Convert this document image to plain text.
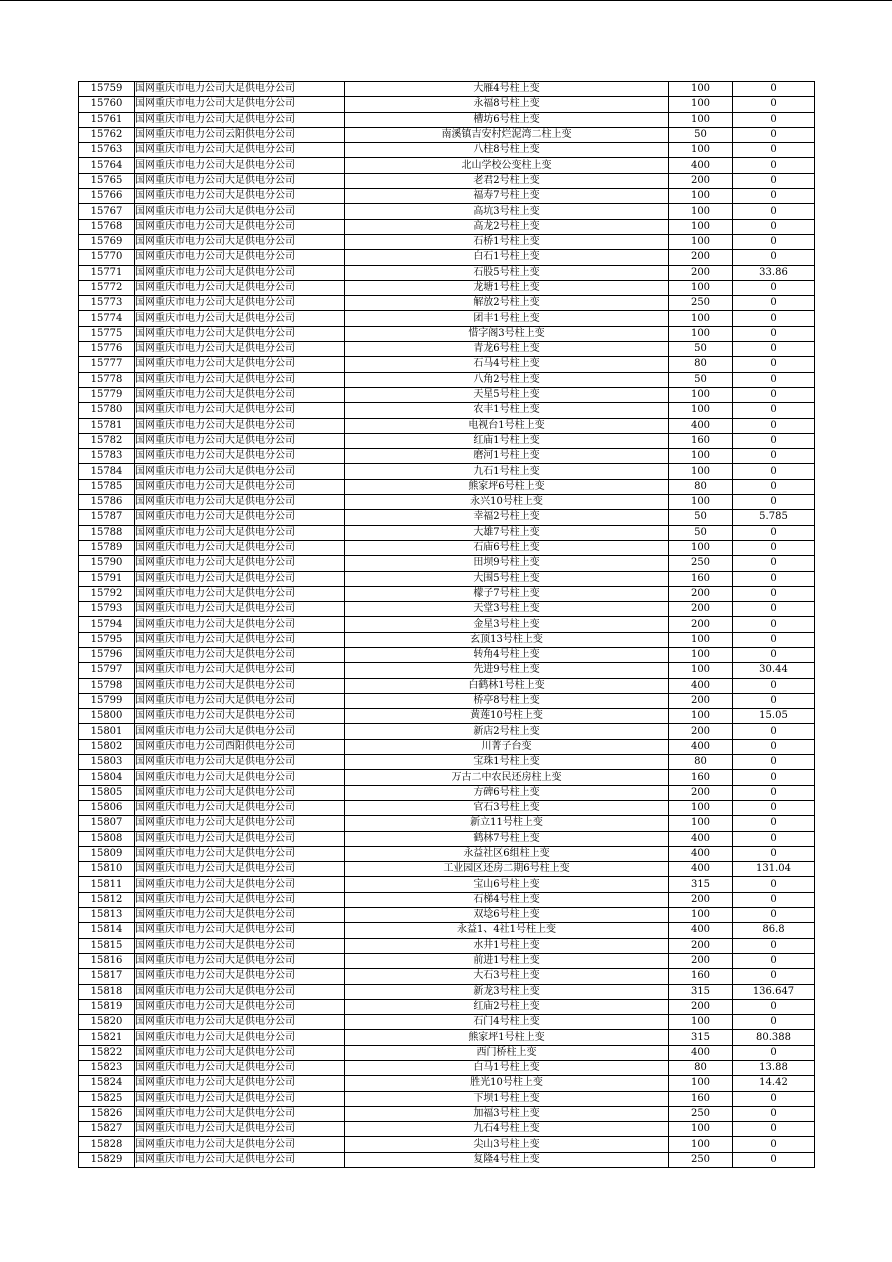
15759	国网重庆市电力公司大足供电分公司	大雁4号柱上变	100	0
15760	国网重庆市电力公司大足供电分公司	永福8号柱上变	100	0
15761	国网重庆市电力公司大足供电分公司	槽坊6号柱上变	100	0
15762	国网重庆市电力公司云阳供电分公司	南溪镇吉安村烂泥湾二柱上变	50	0
15763	国网重庆市电力公司大足供电分公司	八柱8号柱上变	100	0
15764	国网重庆市电力公司大足供电分公司	北山学校公变柱上变	400	0
15765	国网重庆市电力公司大足供电分公司	老君2号柱上变	200	0
15766	国网重庆市电力公司大足供电分公司	福寿7号柱上变	100	0
15767	国网重庆市电力公司大足供电分公司	高坑3号柱上变	100	0
15768	国网重庆市电力公司大足供电分公司	高龙2号柱上变	100	0
15769	国网重庆市电力公司大足供电分公司	石桥1号柱上变	100	0
15770	国网重庆市电力公司大足供电分公司	白石1号柱上变	200	0
15771	国网重庆市电力公司大足供电分公司	石股5号柱上变	200	33.86
15772	国网重庆市电力公司大足供电分公司	龙塘1号柱上变	100	0
15773	国网重庆市电力公司大足供电分公司	解放2号柱上变	250	0
15774	国网重庆市电力公司大足供电分公司	团丰1号柱上变	100	0
15775	国网重庆市电力公司大足供电分公司	惜字阁3号柱上变	100	0
15776	国网重庆市电力公司大足供电分公司	青龙6号柱上变	50	0
15777	国网重庆市电力公司大足供电分公司	石马4号柱上变	80	0
15778	国网重庆市电力公司大足供电分公司	八角2号柱上变	50	0
15779	国网重庆市电力公司大足供电分公司	天星5号柱上变	100	0
15780	国网重庆市电力公司大足供电分公司	农丰1号柱上变	100	0
15781	国网重庆市电力公司大足供电分公司	电视台1号柱上变	400	0
15782	国网重庆市电力公司大足供电分公司	红庙1号柱上变	160	0
15783	国网重庆市电力公司大足供电分公司	磨河1号柱上变	100	0
15784	国网重庆市电力公司大足供电分公司	九石1号柱上变	100	0
15785	国网重庆市电力公司大足供电分公司	熊家坪6号柱上变	80	0
15786	国网重庆市电力公司大足供电分公司	永兴10号柱上变	100	0
15787	国网重庆市电力公司大足供电分公司	幸福2号柱上变	50	5.785
15788	国网重庆市电力公司大足供电分公司	大雄7号柱上变	50	0
15789	国网重庆市电力公司大足供电分公司	石庙6号柱上变	100	0
15790	国网重庆市电力公司大足供电分公司	田坝9号柱上变	250	0
15791	国网重庆市电力公司大足供电分公司	大围5号柱上变	160	0
15792	国网重庆市电力公司大足供电分公司	檬子7号柱上变	200	0
15793	国网重庆市电力公司大足供电分公司	天堂3号柱上变	200	0
15794	国网重庆市电力公司大足供电分公司	金星3号柱上变	200	0
15795	国网重庆市电力公司大足供电分公司	玄顶13号柱上变	100	0
15796	国网重庆市电力公司大足供电分公司	转角4号柱上变	100	0
15797	国网重庆市电力公司大足供电分公司	先进9号柱上变	100	30.44
15798	国网重庆市电力公司大足供电分公司	白鹤林1号柱上变	400	0
15799	国网重庆市电力公司大足供电分公司	桥亭8号柱上变	200	0
15800	国网重庆市电力公司大足供电分公司	黄莲10号柱上变	100	15.05
15801	国网重庆市电力公司大足供电分公司	新店2号柱上变	200	0
15802	国网重庆市电力公司酉阳供电分公司	川菁子台变	400	0
15803	国网重庆市电力公司大足供电分公司	宝珠1号柱上变	80	0
15804	国网重庆市电力公司大足供电分公司	万古二中农民还房柱上变	160	0
15805	国网重庆市电力公司大足供电分公司	方碑6号柱上变	200	0
15806	国网重庆市电力公司大足供电分公司	官石3号柱上变	100	0
15807	国网重庆市电力公司大足供电分公司	新立11号柱上变	100	0
15808	国网重庆市电力公司大足供电分公司	鹤林7号柱上变	400	0
15809	国网重庆市电力公司大足供电分公司	永益社区6组柱上变	400	0
15810	国网重庆市电力公司大足供电分公司	工业园区还房二期6号柱上变	400	131.04
15811	国网重庆市电力公司大足供电分公司	宝山6号柱上变	315	0
15812	国网重庆市电力公司大足供电分公司	石梯4号柱上变	200	0
15813	国网重庆市电力公司大足供电分公司	双埝6号柱上变	100	0
15814	国网重庆市电力公司大足供电分公司	永益1、4社1号柱上变	400	86.8
15815	国网重庆市电力公司大足供电分公司	水井1号柱上变	200	0
15816	国网重庆市电力公司大足供电分公司	前进1号柱上变	200	0
15817	国网重庆市电力公司大足供电分公司	大石3号柱上变	160	0
15818	国网重庆市电力公司大足供电分公司	新龙3号柱上变	315	136.647
15819	国网重庆市电力公司大足供电分公司	红庙2号柱上变	200	0
15820	国网重庆市电力公司大足供电分公司	石门4号柱上变	100	0
15821	国网重庆市电力公司大足供电分公司	熊家坪1号柱上变	315	80.388
15822	国网重庆市电力公司大足供电分公司	西门桥柱上变	400	0
15823	国网重庆市电力公司大足供电分公司	白马1号柱上变	80	13.88
15824	国网重庆市电力公司大足供电分公司	胜光10号柱上变	100	14.42
15825	国网重庆市电力公司大足供电分公司	下坝1号柱上变	160	0
15826	国网重庆市电力公司大足供电分公司	加福3号柱上变	250	0
15827	国网重庆市电力公司大足供电分公司	九石4号柱上变	100	0
15828	国网重庆市电力公司大足供电分公司	尖山3号柱上变	100	0
15829	国网重庆市电力公司大足供电分公司	复隆4号柱上变	250	0
